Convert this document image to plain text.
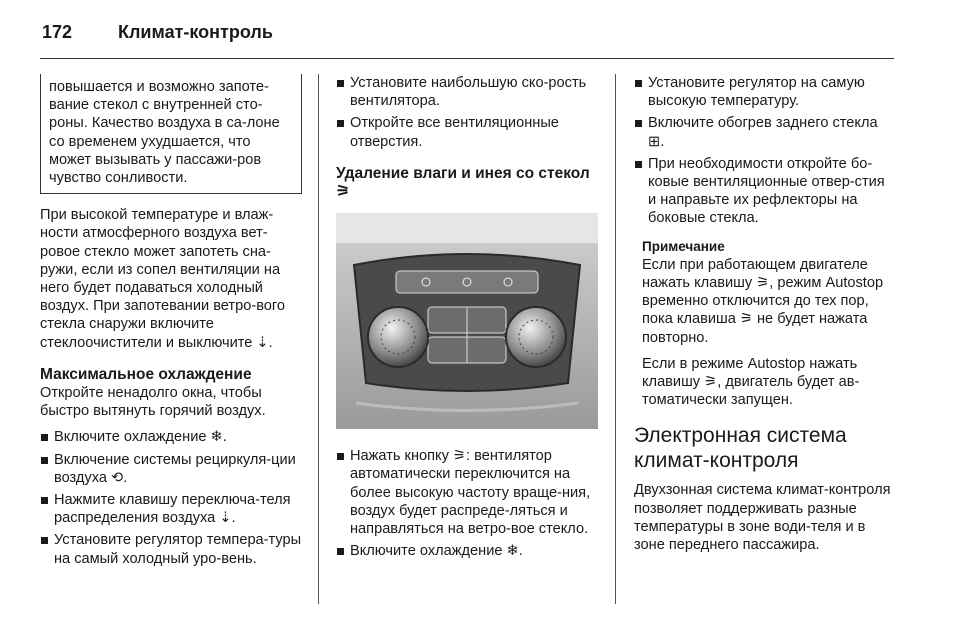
172	Климат-контроль

повышается и возможно запоте-вание стекол с внутренней сто-роны. Качество воздуха в са-лоне со временем ухудшается, что может вызывать у пассажи-ров чувство сонливости.

При высокой температуре и влаж-ности атмосферного воздуха вет-ровое стекло может запотеть сна-ружи, если из сопел вентиляции на него будет подаваться холодный воздух. При запотевании ветро-вого стекла снаружи включите стеклоочистители и выключите ⇣.

Максимальное охлаждение

Откройте ненадолго окна, чтобы быстро вытянуть горячий воздух.

Включите охлаждение ❄.
Включение системы рециркуля-ции воздуха ⟲.
Нажмите клавишу переключа-теля распределения воздуха ⇣.
Установите регулятор темпера-туры на самый холодный уро-вень.
Установите наибольшую ско-рость вентилятора.
Откройте все вентиляционные отверстия.
Удаление влаги и инея со стекол ⚞
Нажать кнопку ⚞: вентилятор автоматически переключится на более высокую частоту враще-ния, воздух будет распреде-ляться и направляться на ветро-вое стекло.
Включите охлаждение ❄.
Установите регулятор на самую высокую температуру.
Включите обогрев заднего стекла ⊞.
При необходимости откройте бо-ковые вентиляционные отвер-стия и направьте их рефлекторы на боковые стекла.
Примечание

Если при работающем двигателе нажать клавишу ⚞, режим Autostop временно отключится до тех пор, пока клавиша ⚞ не будет нажата повторно.

Если в режиме Autostop нажать клавишу ⚞, двигатель будет ав-томатически запущен.

Электронная система климат-контроля

Двухзонная система климат-контроля позволяет поддерживать разные температуры в зоне води-теля и в зоне переднего пассажира.
